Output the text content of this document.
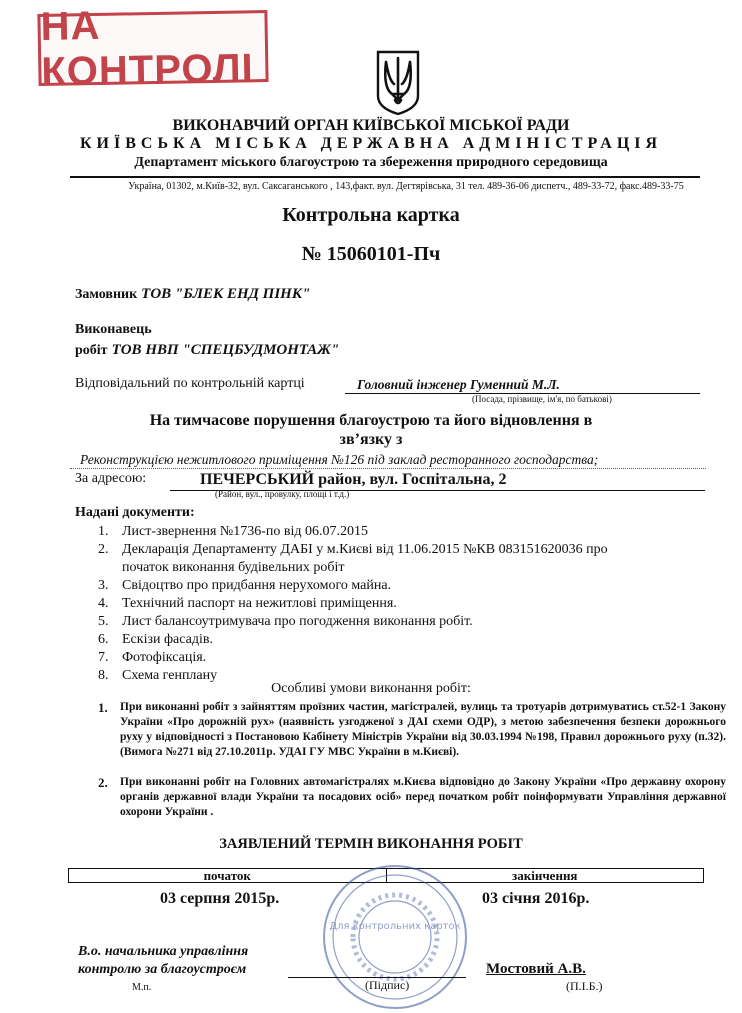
НА КОНТРОЛІ
ВИКОНАВЧИЙ ОРГАН КИЇВСЬКОЇ МІСЬКОЇ РАДИ
КИЇВСЬКА МІСЬКА ДЕРЖАВНА АДМІНІСТРАЦІЯ
Департамент міського благоустрою та збереження природного середовища
Україна, 01302, м.Київ-32, вул. Саксаганського , 143,факт. вул. Дегтярівська, 31 тел. 489-36-06 диспетч., 489-33-72, факс.489-33-75
Контрольна картка
№ 15060101-Пч
Замовник ТОВ "БЛЕК ЕНД ПІНК"
Виконавець
робіт ТОВ НВП "СПЕЦБУДМОНТАЖ"
Відповідальний по контрольній картці	Головний інженер Гуменний М.Л.
(Посада, прізвище, ім'я, по батькові)
На тимчасове порушення благоустрою та його відновлення в
зв’язку з
Реконструкцією нежитлового приміщення №126 під заклад ресторанного господарства;
За адресою:	ПЕЧЕРСЬКИЙ район, вул. Госпітальна, 2
(Район, вул., провулку, площі і т.д.)
Надані документи:
1. Лист-звернення №1736-по від 06.07.2015
2. Декларація Департаменту ДАБІ у м.Києві від 11.06.2015 №КВ 083151620036 про початок виконання будівельних робіт
3. Свідоцтво про придбання нерухомого майна.
4. Технічний паспорт на нежитлові приміщення.
5. Лист балансоутримувача про погодження виконання робіт.
6. Ескізи фасадів.
7. Фотофіксація.
8. Схема генплану
Особливі умови виконання робіт:
1.	При виконанні робіт з зайняттям проїзних частин, магістралей, вулиць та тротуарів дотримуватись ст.52-1 Закону України «Про дорожній рух» (наявність узгодженої з ДАІ схеми ОДР), з метою забезпечення безпеки дорожнього руху у відповідності з Постановою Кабінету Міністрів України від 30.03.1994 №198, Правил дорожнього руху (п.32). (Вимога №271 від 27.10.2011р. УДАІ ГУ МВС України в м.Києві).
2.	При виконанні робіт на Головних автомагістралях м.Києва відповідно до Закону України «Про державну охорону органів державної влади України та посадових осіб» перед початком робіт поінформувати Управління державної охорони України .
ЗАЯВЛЕНИЙ ТЕРМІН ВИКОНАННЯ РОБІТ
початок	закінчення
03 серпня 2015р.	03 січня 2016р.
Для контрольних карток
В.о. начальника управління
контролю за благоустроєм
М.п.	(Підпис)
Мостовий А.В.
(П.І.Б.)
